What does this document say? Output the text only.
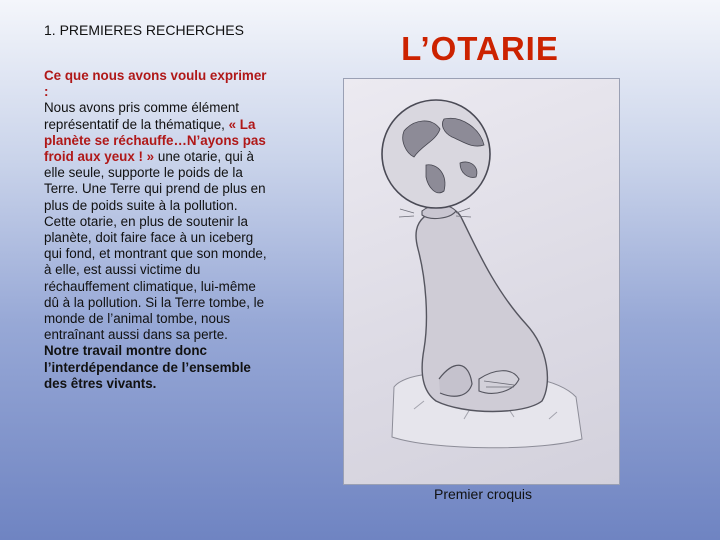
1. PREMIERES RECHERCHES

Ce que nous avons voulu exprimer :
Nous avons pris comme élément représentatif de la thématique, « La planète se réchauffe…N’ayons pas froid aux yeux ! » une otarie, qui à elle seule, supporte le poids de la Terre. Une Terre qui prend de plus en plus de poids suite à la pollution. Cette otarie, en plus de soutenir la planète, doit faire face à un iceberg qui fond, et montrant que son monde, à elle, est aussi victime du réchauffement climatique, lui-même dû à la pollution. Si la Terre tombe, le monde de l’animal tombe, nous entraînant aussi dans sa perte.
Notre travail montre donc l’interdépendance de l’ensemble des êtres vivants.

L’OTARIE
Premier croquis
